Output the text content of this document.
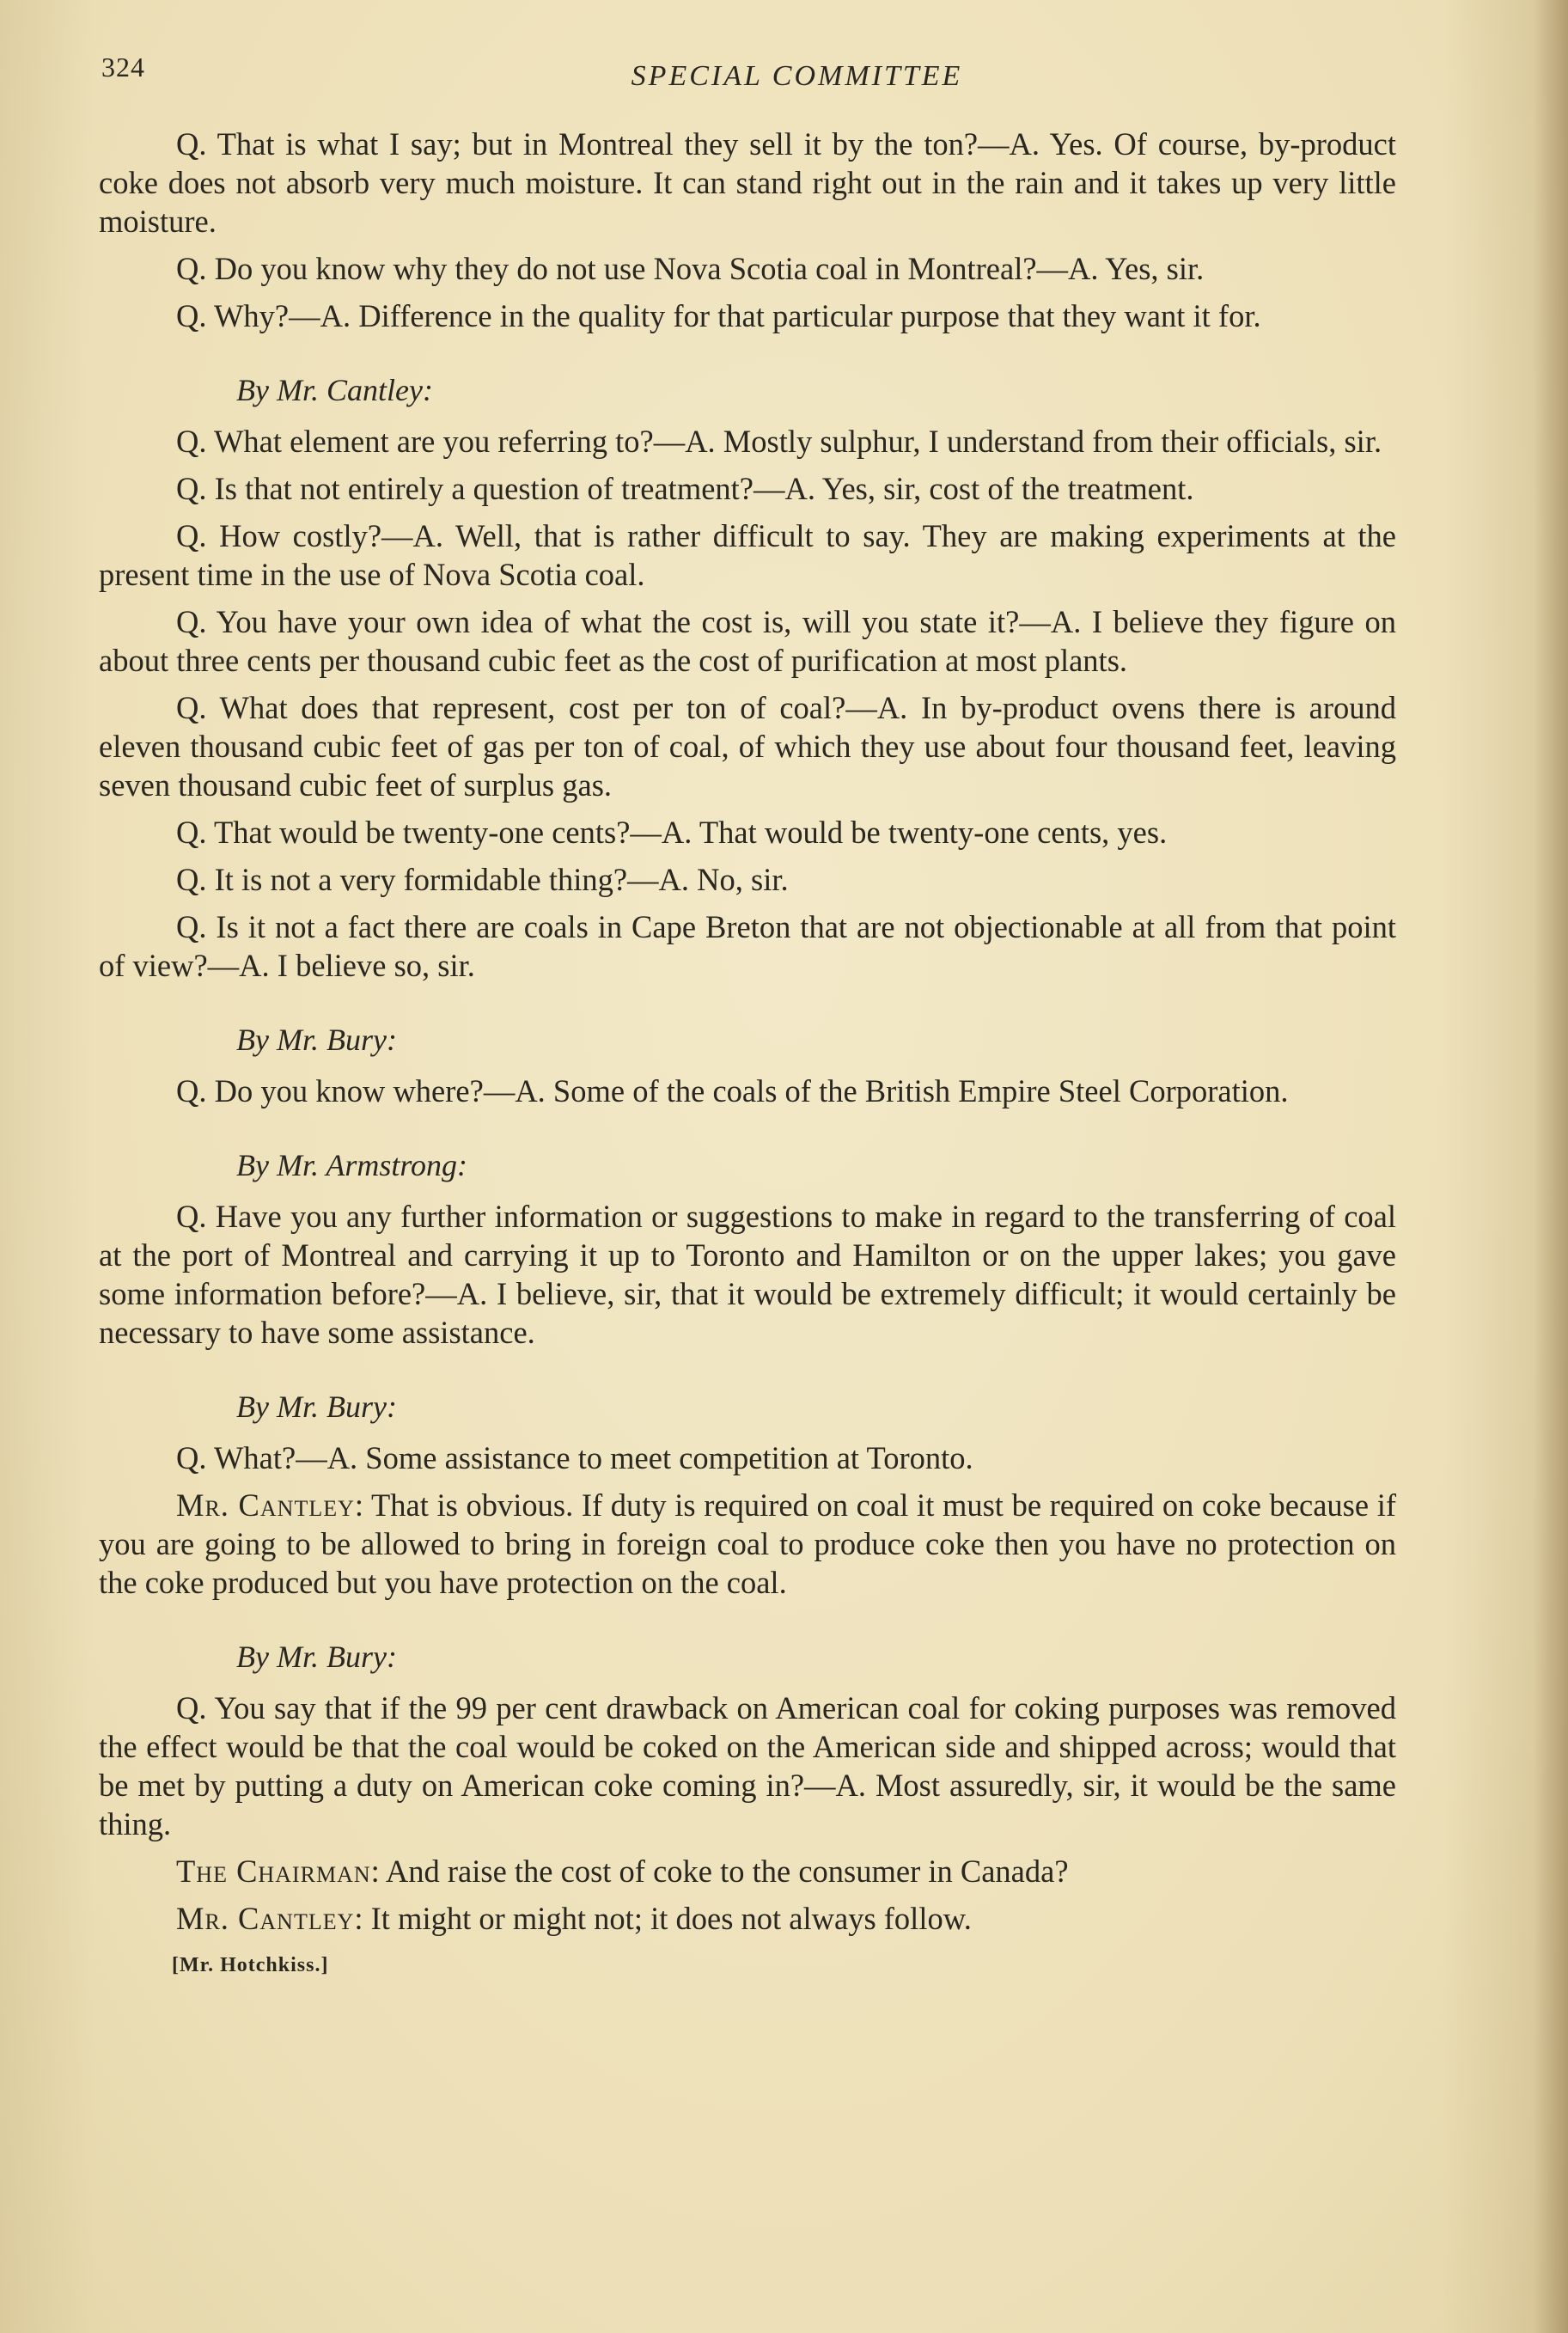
324	SPECIAL COMMITTEE

Q. That is what I say; but in Montreal they sell it by the ton?—A. Yes. Of course, by-product coke does not absorb very much moisture. It can stand right out in the rain and it takes up very little moisture.

Q. Do you know why they do not use Nova Scotia coal in Montreal?—A. Yes, sir.

Q. Why?—A. Difference in the quality for that particular purpose that they want it for.

By Mr. Cantley:

Q. What element are you referring to?—A. Mostly sulphur, I understand from their officials, sir.

Q. Is that not entirely a question of treatment?—A. Yes, sir, cost of the treatment.

Q. How costly?—A. Well, that is rather difficult to say. They are making experiments at the present time in the use of Nova Scotia coal.

Q. You have your own idea of what the cost is, will you state it?—A. I believe they figure on about three cents per thousand cubic feet as the cost of purification at most plants.

Q. What does that represent, cost per ton of coal?—A. In by-product ovens there is around eleven thousand cubic feet of gas per ton of coal, of which they use about four thousand feet, leaving seven thousand cubic feet of surplus gas.

Q. That would be twenty-one cents?—A. That would be twenty-one cents, yes.

Q. It is not a very formidable thing?—A. No, sir.

Q. Is it not a fact there are coals in Cape Breton that are not objectionable at all from that point of view?—A. I believe so, sir.

By Mr. Bury:

Q. Do you know where?—A. Some of the coals of the British Empire Steel Corporation.

By Mr. Armstrong:

Q. Have you any further information or suggestions to make in regard to the transferring of coal at the port of Montreal and carrying it up to Toronto and Hamilton or on the upper lakes; you gave some information before?—A. I believe, sir, that it would be extremely difficult; it would certainly be necessary to have some assistance.

By Mr. Bury:

Q. What?—A. Some assistance to meet competition at Toronto.

Mr. Cantley: That is obvious. If duty is required on coal it must be required on coke because if you are going to be allowed to bring in foreign coal to produce coke then you have no protection on the coke produced but you have protection on the coal.

By Mr. Bury:

Q. You say that if the 99 per cent drawback on American coal for coking purposes was removed the effect would be that the coal would be coked on the American side and shipped across; would that be met by putting a duty on American coke coming in?—A. Most assuredly, sir, it would be the same thing.

The Chairman: And raise the cost of coke to the consumer in Canada?

Mr. Cantley: It might or might not; it does not always follow.

[Mr. Hotchkiss.]
